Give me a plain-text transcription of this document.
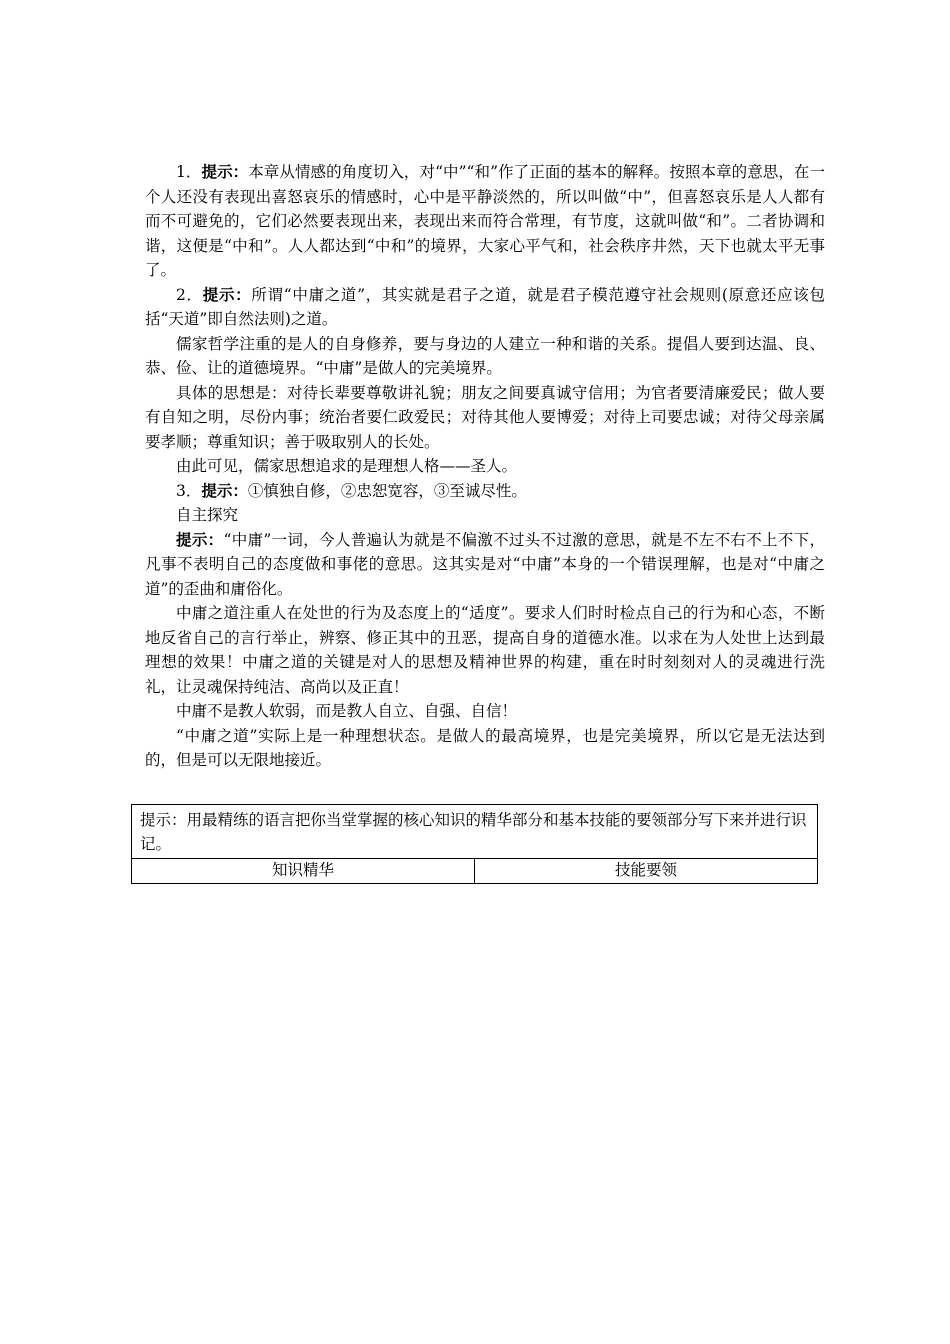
1．提示：本章从情感的角度切入，对“中”“和”作了正面的基本的解释。按照本章的意思，在一个人还没有表现出喜怒哀乐的情感时，心中是平静淡然的，所以叫做“中”，但喜怒哀乐是人人都有而不可避免的，它们必然要表现出来，表现出来而符合常理，有节度，这就叫做“和”。二者协调和谐，这便是“中和”。人人都达到“中和”的境界，大家心平气和，社会秩序井然，天下也就太平无事了。

2．提示：所谓“中庸之道”，其实就是君子之道，就是君子模范遵守社会规则(原意还应该包括“天道”即自然法则)之道。

儒家哲学注重的是人的自身修养，要与身边的人建立一种和谐的关系。提倡人要到达温、良、恭、俭、让的道德境界。“中庸”是做人的完美境界。

具体的思想是：对待长辈要尊敬讲礼貌；朋友之间要真诚守信用；为官者要清廉爱民；做人要有自知之明，尽份内事；统治者要仁政爱民；对待其他人要博爱；对待上司要忠诚；对待父母亲属要孝顺；尊重知识；善于吸取别人的长处。

由此可见，儒家思想追求的是理想人格——圣人。

3．提示：①慎独自修，②忠恕宽容，③至诚尽性。

自主探究

提示：“中庸”一词，今人普遍认为就是不偏激不过头不过激的意思，就是不左不右不上不下，凡事不表明自己的态度做和事佬的意思。这其实是对“中庸”本身的一个错误理解，也是对“中庸之道”的歪曲和庸俗化。

中庸之道注重人在处世的行为及态度上的“适度”。要求人们时时检点自己的行为和心态，不断地反省自己的言行举止，辨察、修正其中的丑恶，提高自身的道德水准。以求在为人处世上达到最理想的效果！中庸之道的关键是对人的思想及精神世界的构建，重在时时刻刻对人的灵魂进行洗礼，让灵魂保持纯洁、高尚以及正直！

中庸不是教人软弱，而是教人自立、自强、自信！

“中庸之道”实际上是一种理想状态。是做人的最高境界，也是完美境界，所以它是无法达到的，但是可以无限地接近。

提示：用最精练的语言把你当堂掌握的核心知识的精华部分和基本技能的要领部分写下来并进行识记。
知识精华	技能要领
